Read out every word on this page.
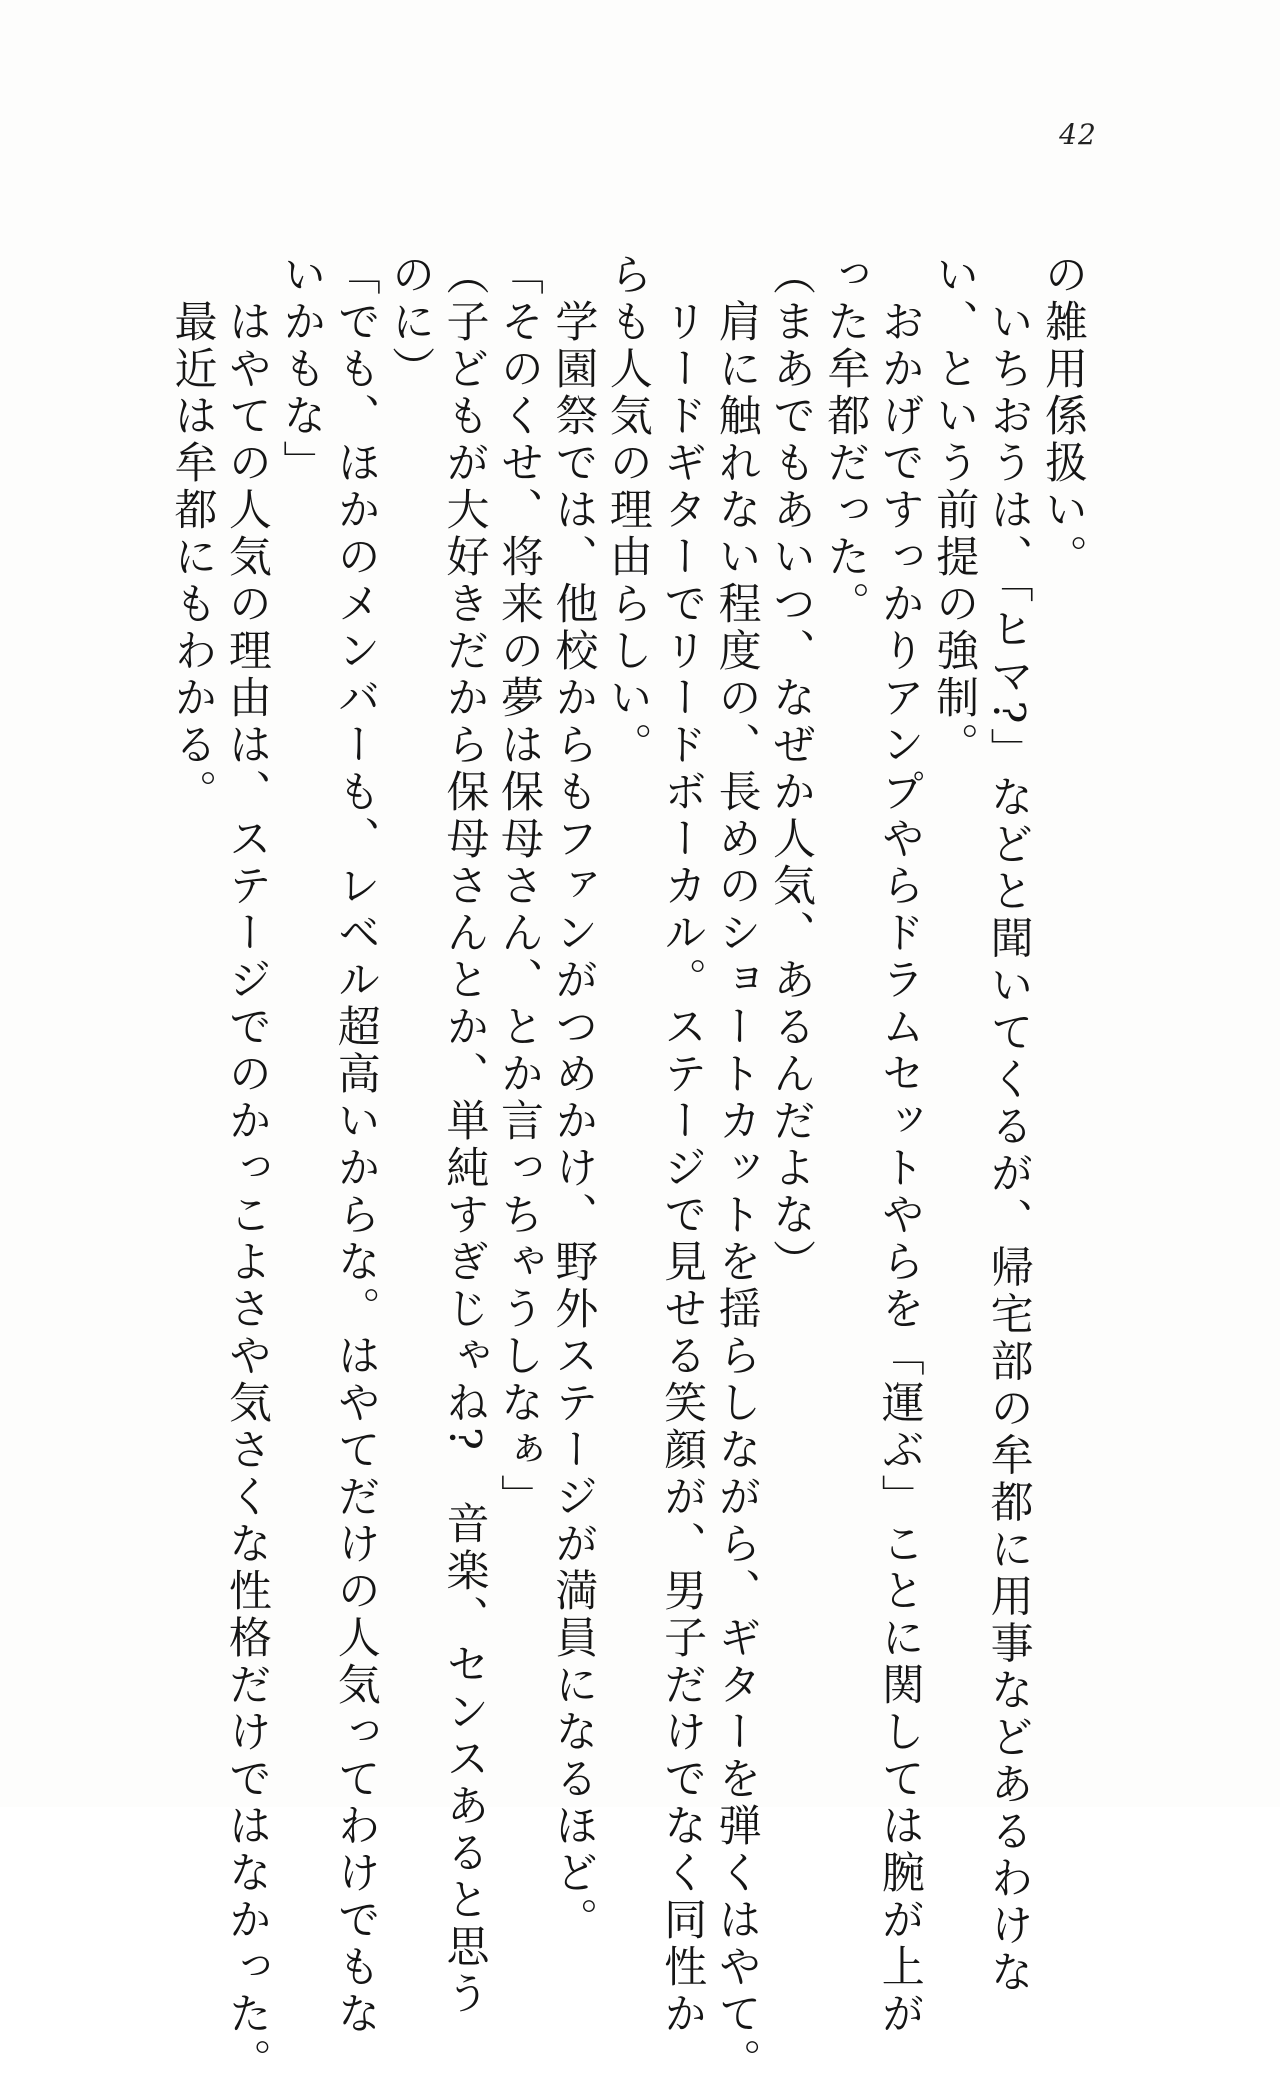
42
の雑用係扱い。
　いちおうは、「ヒマ?」などと聞いてくるが、帰宅部の牟都に用事などあるわけな
い、という前提の強制。
　おかげですっかりアンプやらドラムセットやらを「運ぶ」ことに関しては腕が上が
った牟都だった。
（まあでもあいつ、なぜか人気、あるんだよな）
　肩に触れない程度の、長めのショートカットを揺らしながら、ギターを弾くはやて。
　リードギターでリードボーカル。ステージで見せる笑顔が、男子だけでなく同性か
らも人気の理由らしい。
　学園祭では、他校からもファンがつめかけ、野外ステージが満員になるほど。
「そのくせ、将来の夢は保母さん、とか言っちゃうしなぁ」
（子どもが大好きだから保母さんとか、単純すぎじゃね?　音楽、センスあると思う
のに）
「でも、ほかのメンバーも、レベル超高いからな。はやてだけの人気ってわけでもな
いかもな」
　はやての人気の理由は、ステージでのかっこよさや気さくな性格だけではなかった。
　最近は牟都にもわかる。
